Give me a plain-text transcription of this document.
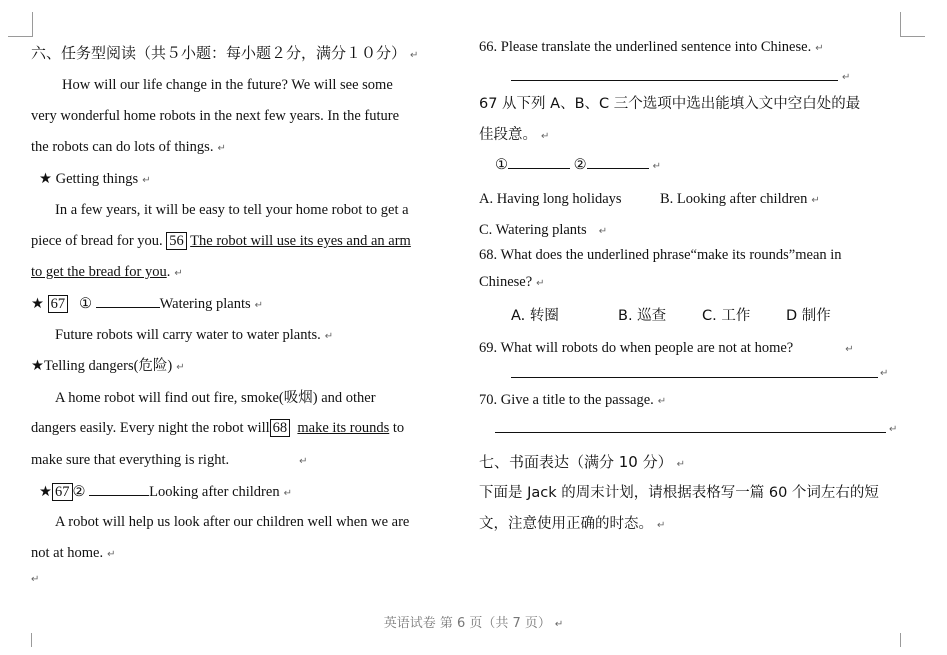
六、任务型阅读（共５小题：每小题２分，满分１０分） ↵
How will our life change in the future? We will see some
very wonderful home robots in the next few years. In the future
the robots can do lots of things. ↵
★ Getting things ↵
In a few years, it will be easy to tell your home robot to get a
piece of bread for you. 56 The robot will use its eyes and an arm
to get the bread for you. ↵
★ 67 ①	Watering plants ↵
Future robots will carry water to water plants. ↵
★Telling dangers(危险) ↵
A home robot will find out fire, smoke(吸烟) and other
dangers easily. Every night the robot will 68 make its rounds to
make sure that everything is right.	↵
★ 67 ②	Looking after children ↵
A robot will help us look after our children well when we are
not at home. ↵
↵
66. Please translate the underlined sentence into Chinese. ↵
↵
67 从下列 A、B、C 三个选项中选出能填入文中空白处的最
佳段意。 ↵
①	②	↵
A. Having long holidays	B. Looking after children ↵
C. Watering plants ↵
68. What does the underlined phrase“make its rounds”mean in
Chinese? ↵
A. 转圈	B. 巡查 C. 工作 D 制作
69. What will robots do when people are not at home?	↵
↵
70. Give a title to the passage. ↵
↵
七、书面表达（满分 10 分） ↵
下面是 Jack 的周末计划，请根据表格写一篇 60 个词左右的短
文，注意使用正确的时态。 ↵
英语试卷 第 6 页（共 7 页） ↵
